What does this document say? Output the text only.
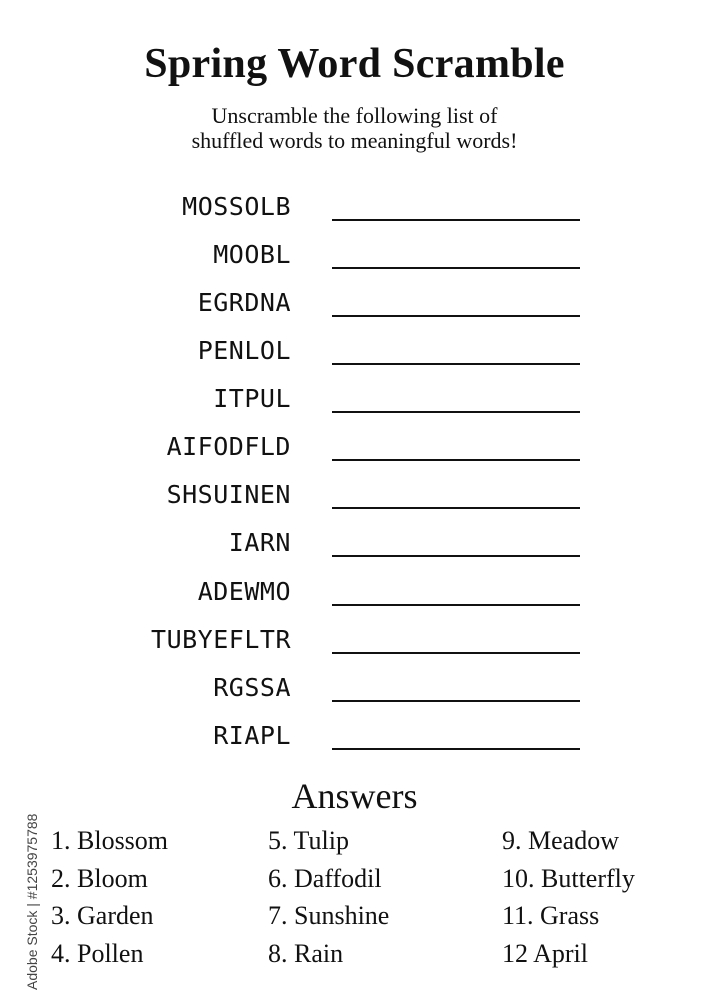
Spring Word Scramble
Unscramble the following list of
shuffled words to meaningful words!
MOSSOLB
MOOBL
EGRDNA
PENLOL
ITPUL
AIFODFLD
SHSUINEN
IARN
ADEWMO
TUBYEFLTR
RGSSA
RIAPL
Answers
1. Blossom
2. Bloom
3. Garden
4. Pollen
5. Tulip
6. Daffodil
7. Sunshine
8. Rain
9. Meadow
10. Butterfly
11. Grass
12 April
Adobe Stock | #1253975788
